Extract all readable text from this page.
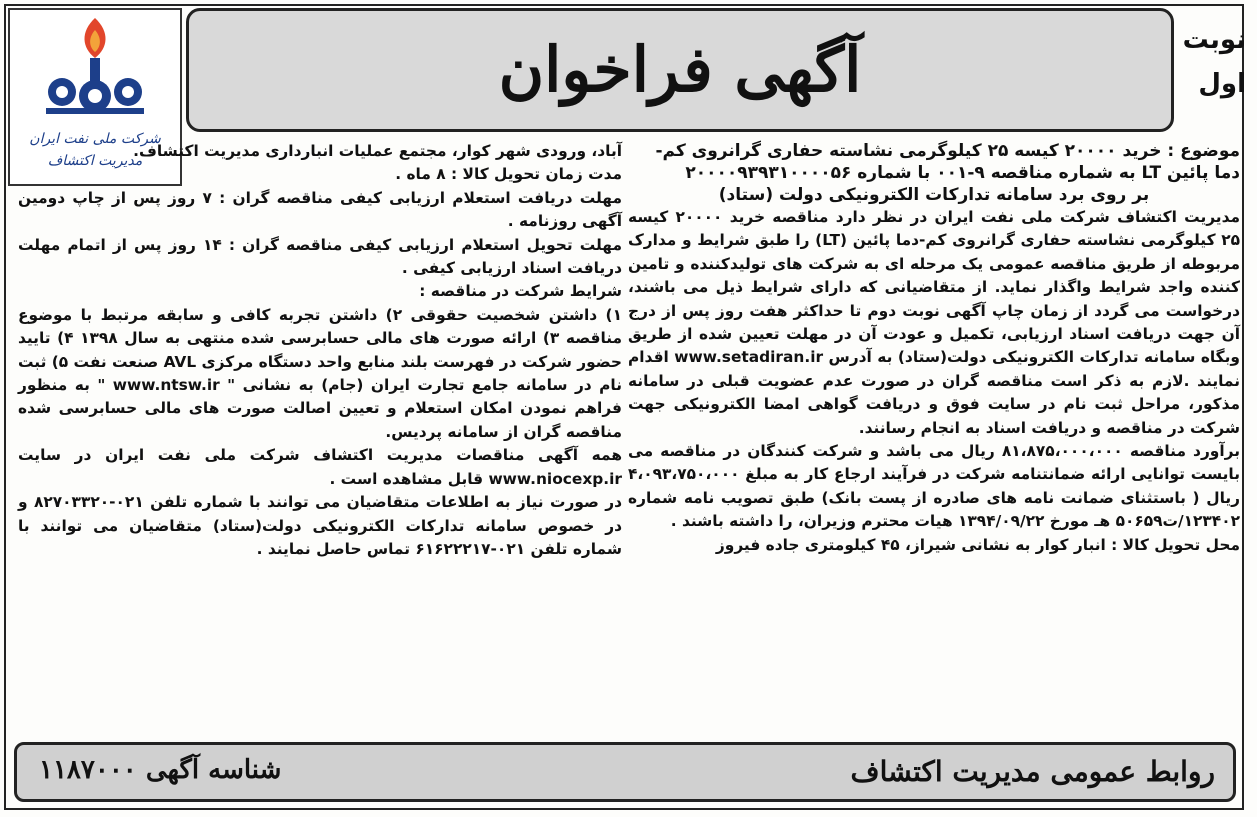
آگهی فراخوان	نوبت
اول
شرکت ملی نفت ایران
مدیریت اکتشاف	موضوع : خرید ۲۰۰۰۰ کیسه ۲۵ کیلوگرمی نشاسته حفاری گرانروی کم-

دما پائین LT به شماره مناقصه ۹-۰۰۱ با شماره ۲۰۰۰۰۹۳۹۳۱۰۰۰۰۵۶

بر روی برد سامانه تدارکات الکترونیکی دولت (ستاد)

مدیریت اکتشاف شرکت ملی نفت ایران در نظر دارد مناقصه خرید ۲۰۰۰۰ کیسه ۲۵ کیلوگرمی نشاسته حفاری گرانروی کم-دما پائین (LT) را طبق شرایط و مدارک مربوطه از طریق مناقصه عمومی یک مرحله ای به شرکت های تولیدکننده و تامین کننده واجد شرایط واگذار نماید. از متقاضیانی که دارای شرایط ذیل می باشند، درخواست می گردد از زمان چاپ آگهی نوبت دوم تا حداکثر هفت روز پس از درج آن جهت دریافت اسناد ارزیابی، تکمیل و عودت آن در مهلت تعیین شده از طریق وبگاه سامانه تدارکات الکترونیکی دولت(ستاد) به آدرس www.setadiran.ir اقدام نمایند .لازم به ذکر است مناقصه گران در صورت عدم عضویت قبلی در سامانه مذکور، مراحل ثبت نام در سایت فوق و دریافت گواهی امضا الکترونیکی جهت شرکت در مناقصه و دریافت اسناد به انجام رسانند.

برآورد مناقصه ۸۱،۸۷۵،۰۰۰،۰۰۰ ریال می باشد و شرکت کنندگان در مناقصه می بایست توانایی ارائه ضمانتنامه شرکت در فرآیند ارجاع کار به مبلغ ۴،۰۹۳،۷۵۰،۰۰۰ ریال ( باستثنای ضمانت نامه های صادره از پست بانک) طبق تصویب نامه شماره ۱۲۳۴۰۲/ت۵۰۶۵۹ هـ مورخ ۱۳۹۴/۰۹/۲۲ هیات محترم وزیران، را داشته باشند .

محل تحویل کالا : انبار کوار به نشانی شیراز، ۴۵ کیلومتری جاده فیروز

آباد، ورودی شهر کوار، مجتمع عملیات انبارداری مدیریت اکتشاف.

مدت زمان تحویل کالا : ۸ ماه .

مهلت دریافت استعلام ارزیابی کیفی مناقصه گران : ۷ روز پس از چاپ دومین آگهی روزنامه .

مهلت تحویل استعلام ارزیابی کیفی مناقصه گران : ۱۴ روز پس از اتمام مهلت دریافت اسناد ارزیابی کیفی .

شرایط شرکت در مناقصه :

۱) داشتن شخصیت حقوقی ۲) داشتن تجربه کافی و سابقه مرتبط با موضوع مناقصه ۳) ارائه صورت های مالی حسابرسی شده منتهی به سال ۱۳۹۸ ۴) تایید حضور شرکت در فهرست بلند منابع واحد دستگاه مرکزی AVL صنعت نفت ۵) ثبت نام در سامانه جامع تجارت ایران (جام) به نشانی " www.ntsw.ir " به منظور فراهم نمودن امکان استعلام و تعیین اصالت صورت های مالی حسابرسی شده مناقصه گران از سامانه پردیس.

همه آگهی مناقصات مدیریت اکتشاف شرکت ملی نفت ایران در سایت www.niocexp.ir قابل مشاهده است .

در صورت نیاز به اطلاعات متقاضیان می توانند با شماره تلفن ۰۲۱-۸۲۷۰۳۳۲۰ و در خصوص سامانه تدارکات الکترونیکی دولت(ستاد) متقاضیان می توانند با شماره تلفن ۰۲۱-۶۱۶۲۲۲۱۷ تماس حاصل نمایند .

روابط عمومی مدیریت اکتشاف
شناسه آگهی ۱۱۸۷۰۰۰
